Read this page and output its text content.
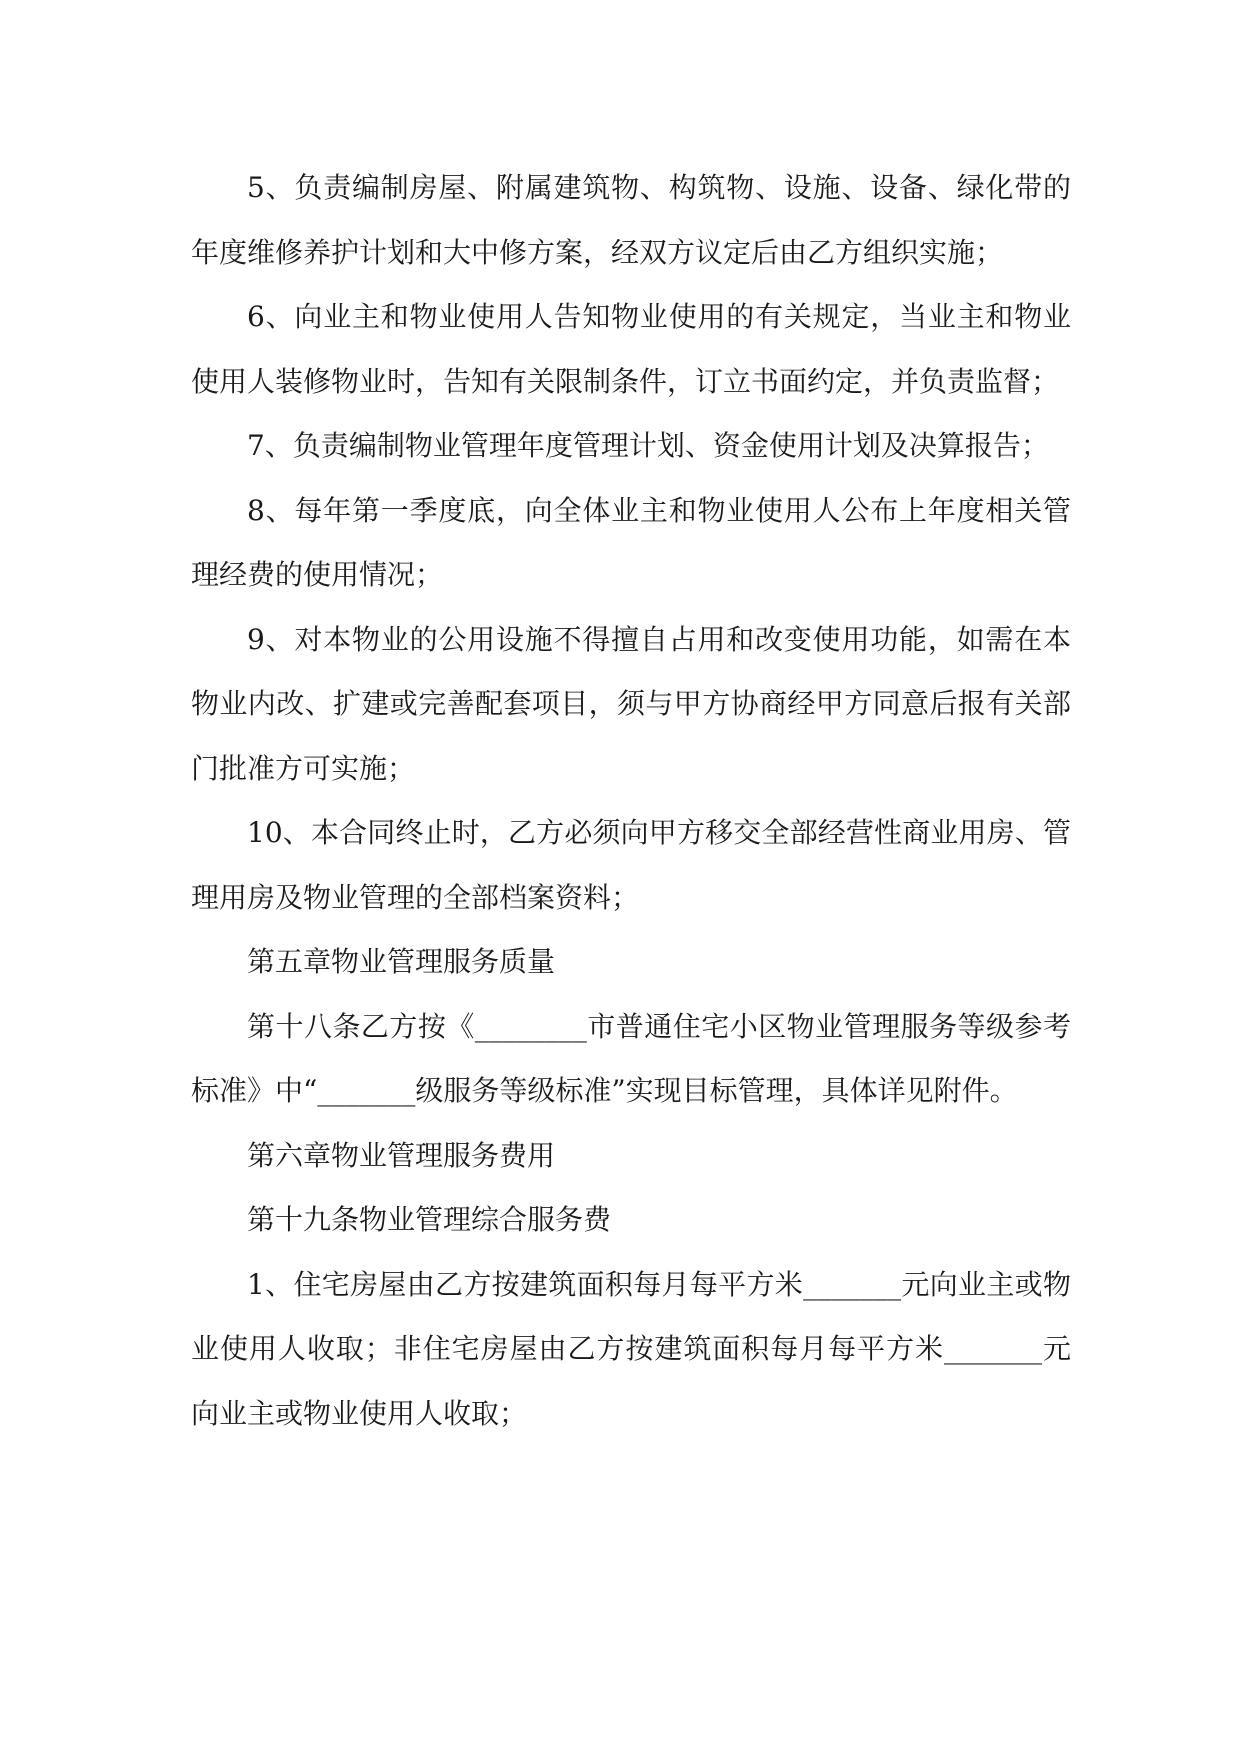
5、负责编制房屋、附属建筑物、构筑物、设施、设备、绿化带的年度维修养护计划和大中修方案，经双方议定后由乙方组织实施；

6、向业主和物业使用人告知物业使用的有关规定，当业主和物业使用人装修物业时，告知有关限制条件，订立书面约定，并负责监督；

7、负责编制物业管理年度管理计划、资金使用计划及决算报告；

8、每年第一季度底，向全体业主和物业使用人公布上年度相关管理经费的使用情况；

9、对本物业的公用设施不得擅自占用和改变使用功能，如需在本物业内改、扩建或完善配套项目，须与甲方协商经甲方同意后报有关部门批准方可实施；

10、本合同终止时，乙方必须向甲方移交全部经营性商业用房、管理用房及物业管理的全部档案资料；

第五章物业管理服务质量

第十八条乙方按《________市普通住宅小区物业管理服务等级参考标准》中“_______级服务等级标准”实现目标管理，具体详见附件。

第六章物业管理服务费用

第十九条物业管理综合服务费

1、住宅房屋由乙方按建筑面积每月每平方米_______元向业主或物业使用人收取；非住宅房屋由乙方按建筑面积每月每平方米_______元向业主或物业使用人收取；
